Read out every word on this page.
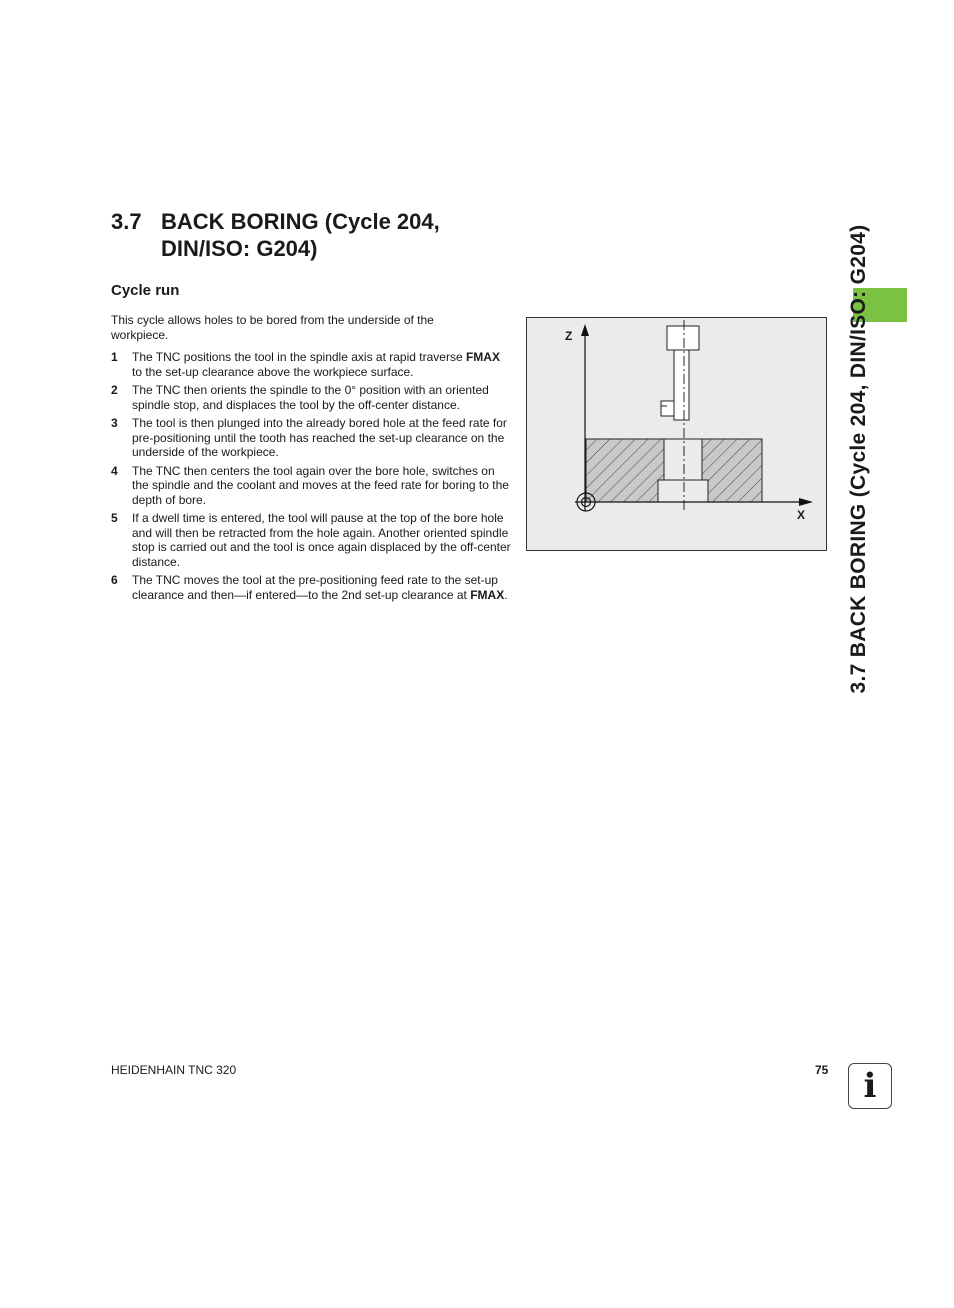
3.7 BACK BORING (Cycle 204, DIN/ISO: G204)
Cycle run
This cycle allows holes to be bored from the underside of the workpiece.
1 The TNC positions the tool in the spindle axis at rapid traverse FMAX to the set-up clearance above the workpiece surface.
2 The TNC then orients the spindle to the 0° position with an oriented spindle stop, and displaces the tool by the off-center distance.
3 The tool is then plunged into the already bored hole at the feed rate for pre-positioning until the tooth has reached the set-up clearance on the underside of the workpiece.
4 The TNC then centers the tool again over the bore hole, switches on the spindle and the coolant and moves at the feed rate for boring to the depth of bore.
5 If a dwell time is entered, the tool will pause at the top of the bore hole and will then be retracted from the hole again. Another oriented spindle stop is carried out and the tool is once again displaced by the off-center distance.
6 The TNC moves the tool at the pre-positioning feed rate to the set-up clearance and then—if entered—to the 2nd set-up clearance at FMAX.
Z
X 3.7 BACK BORING (Cycle 204, DIN/ISO: G204)
HEIDENHAIN TNC 320	75	i
